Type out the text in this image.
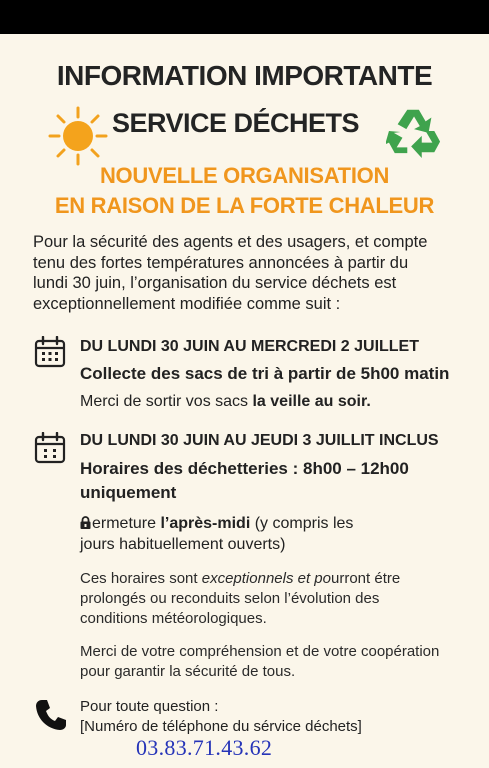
INFORMATION IMPORTANTE
SERVICE DÉCHETS
NOUVELLE ORGANISATION
EN RAISON DE LA FORTE CHALEUR
Pour la sécurité des agents et des usagers, et compte
tenu des fortes températures annoncées à partir du
lundi 30 juin, l’organisation du service déchets est
exceptionnellement modifiée comme suit :
DU LUNDI 30 JUIN AU MERCREDI 2 JUILLET
Collecte des sacs de tri à partir de 5h00 matin
Merci de sortir vos sacs la veille au soir.
DU LUNDI 30 JUIN AU JEUDI 3 JUILLIT INCLUS
Horaires des déchetteries : 8h00 – 12h00
uniquement
ermeture l’après-midi (y compris les
jours habituellement ouverts)
Ces horaires sont exceptionnels et pourront étre
prolongés ou reconduits selon l’évolution des
conditions météorologiques.
Merci de votre compréhension et de votre coopération
pour garantir la sécurité de tous.
Pour toute question :
[Numéro de téléphone du sérvice déchets]
03.83.71.43.62
